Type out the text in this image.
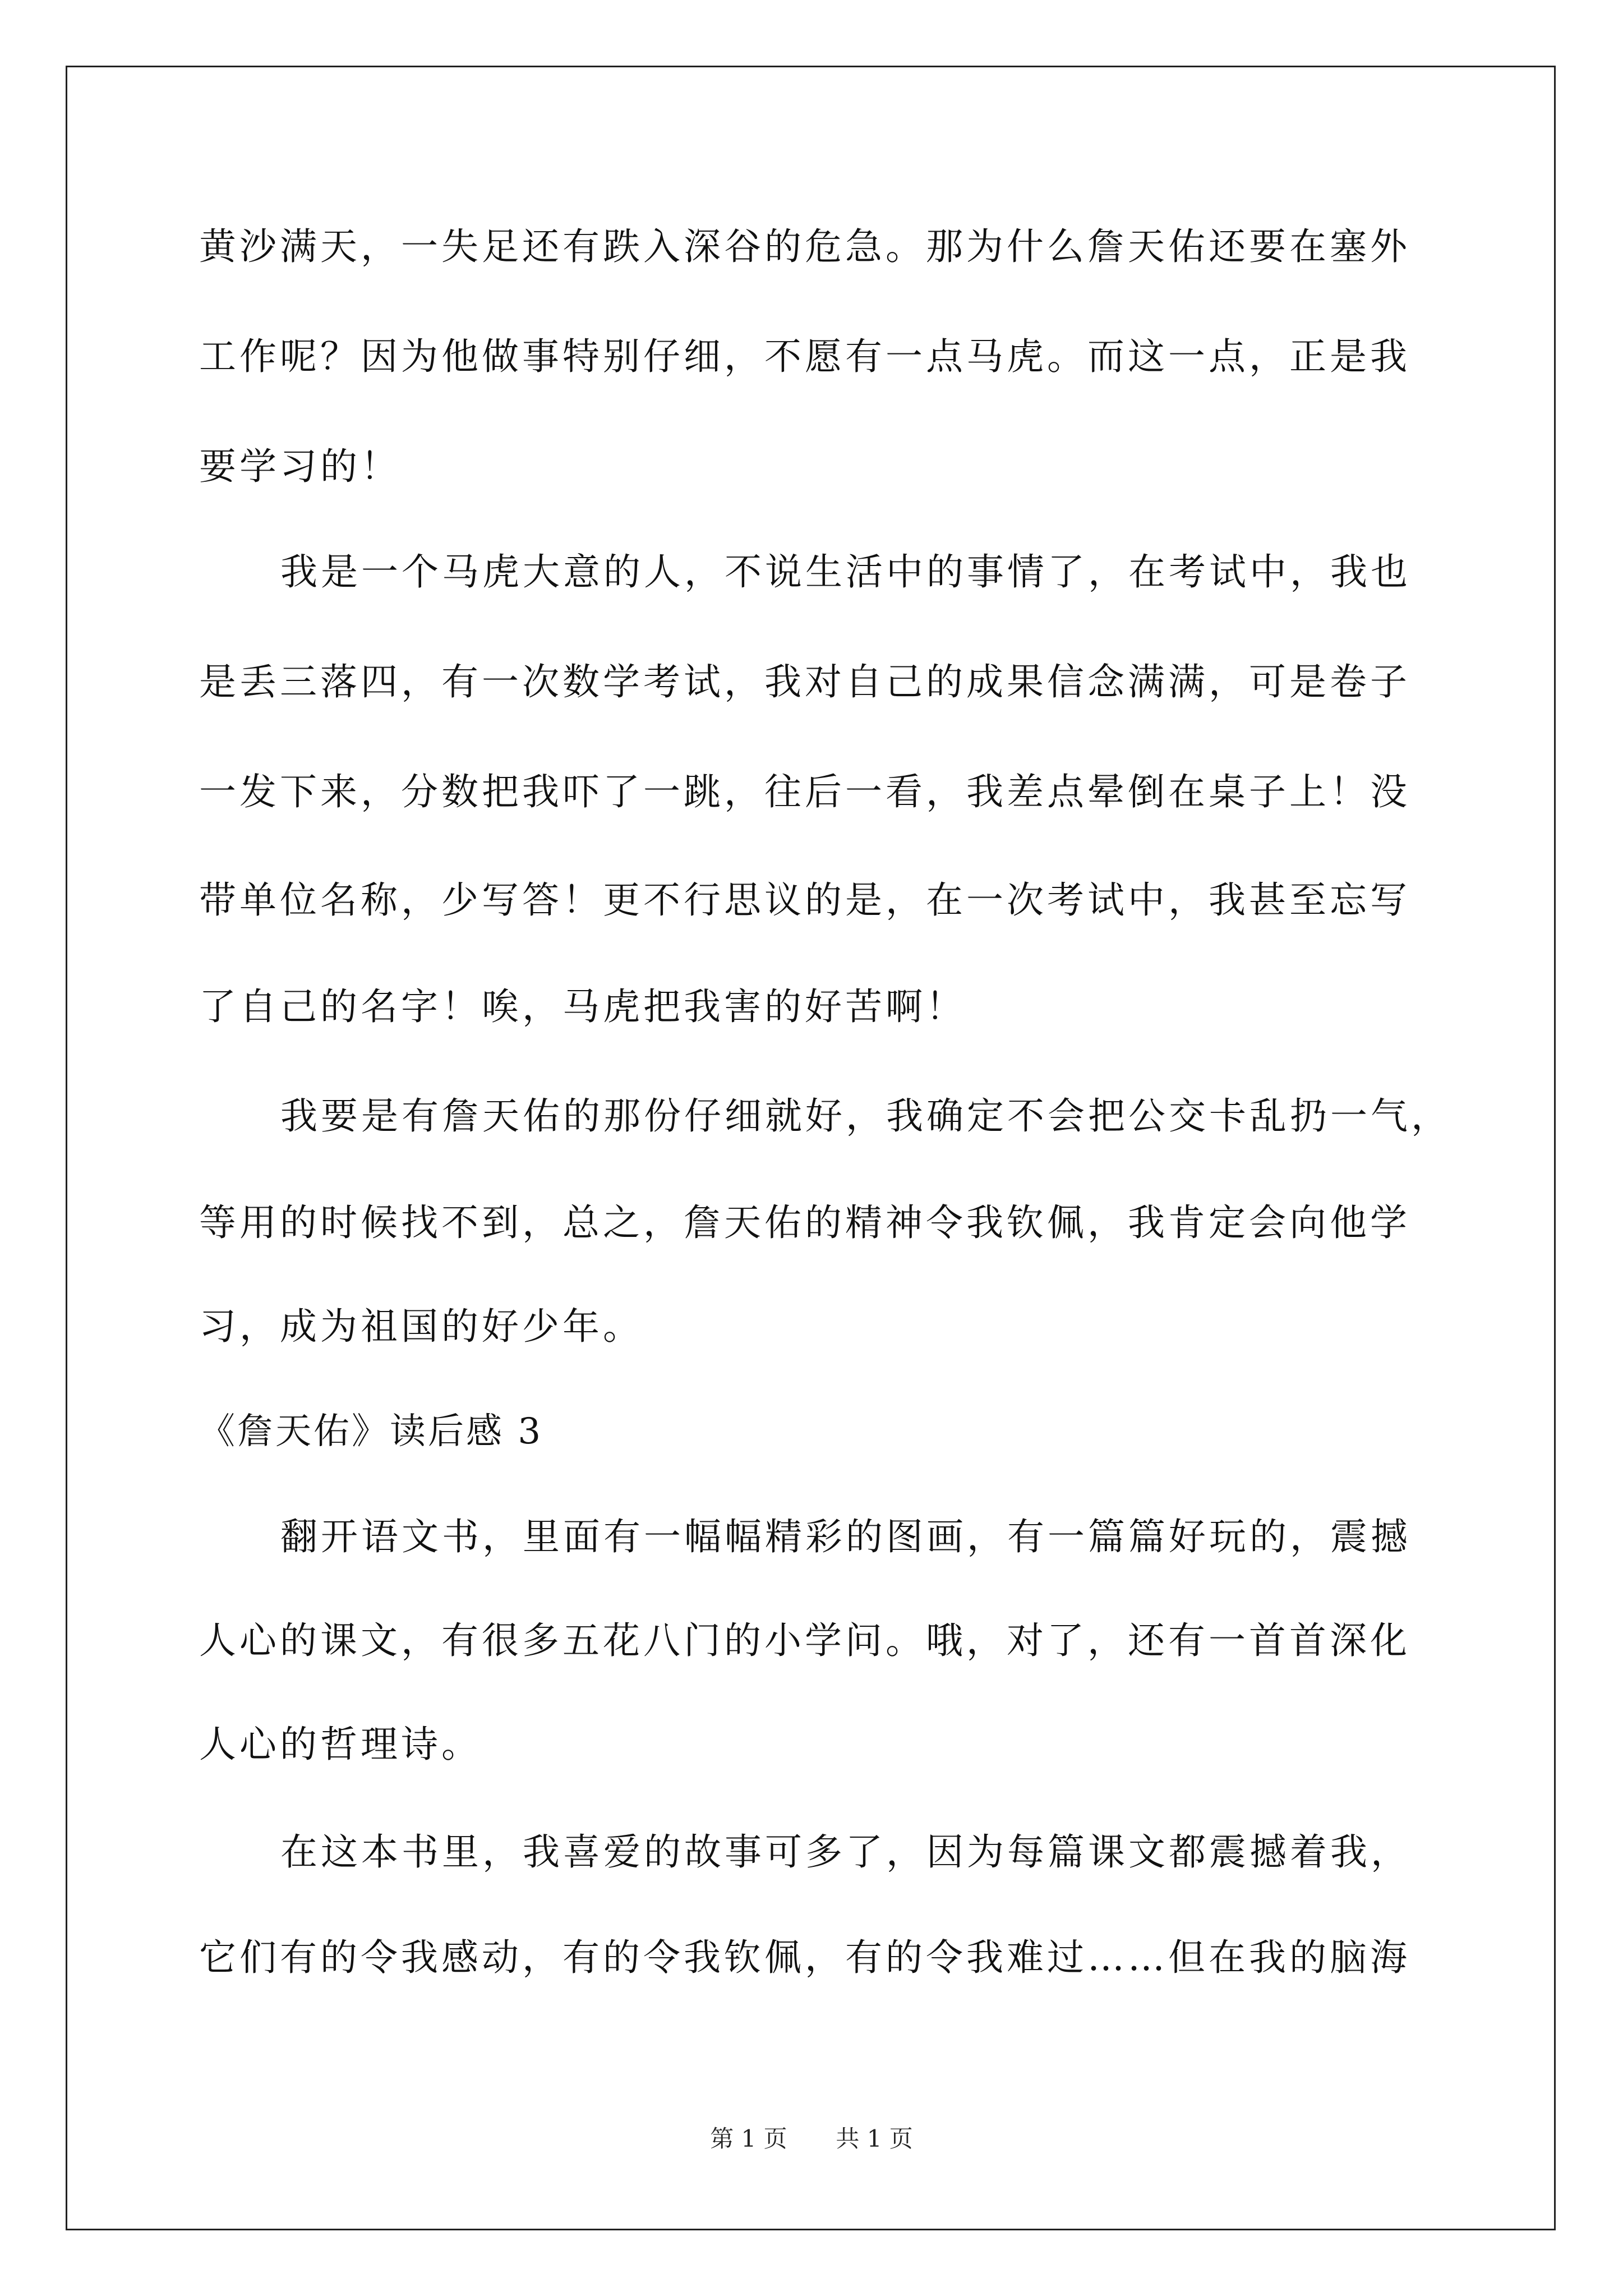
黄沙满天，一失足还有跌入深谷的危急。那为什么詹天佑还要在塞外
工作呢？因为他做事特别仔细，不愿有一点马虎。而这一点，正是我
要学习的！
我是一个马虎大意的人，不说生活中的事情了，在考试中，我也
是丢三落四，有一次数学考试，我对自己的成果信念满满，可是卷子
一发下来，分数把我吓了一跳，往后一看，我差点晕倒在桌子上！没
带单位名称，少写答！更不行思议的是，在一次考试中，我甚至忘写
了自己的名字！唉，马虎把我害的好苦啊！
我要是有詹天佑的那份仔细就好，我确定不会把公交卡乱扔一气，
等用的时候找不到，总之，詹天佑的精神令我钦佩，我肯定会向他学
习，成为祖国的好少年。
《詹天佑》读后感 3
翻开语文书，里面有一幅幅精彩的图画，有一篇篇好玩的，震撼
人心的课文，有很多五花八门的小学问。哦，对了，还有一首首深化
人心的哲理诗。
在这本书里，我喜爱的故事可多了，因为每篇课文都震撼着我，
它们有的令我感动，有的令我钦佩，有的令我难过……但在我的脑海
第 1 页 共 1 页
